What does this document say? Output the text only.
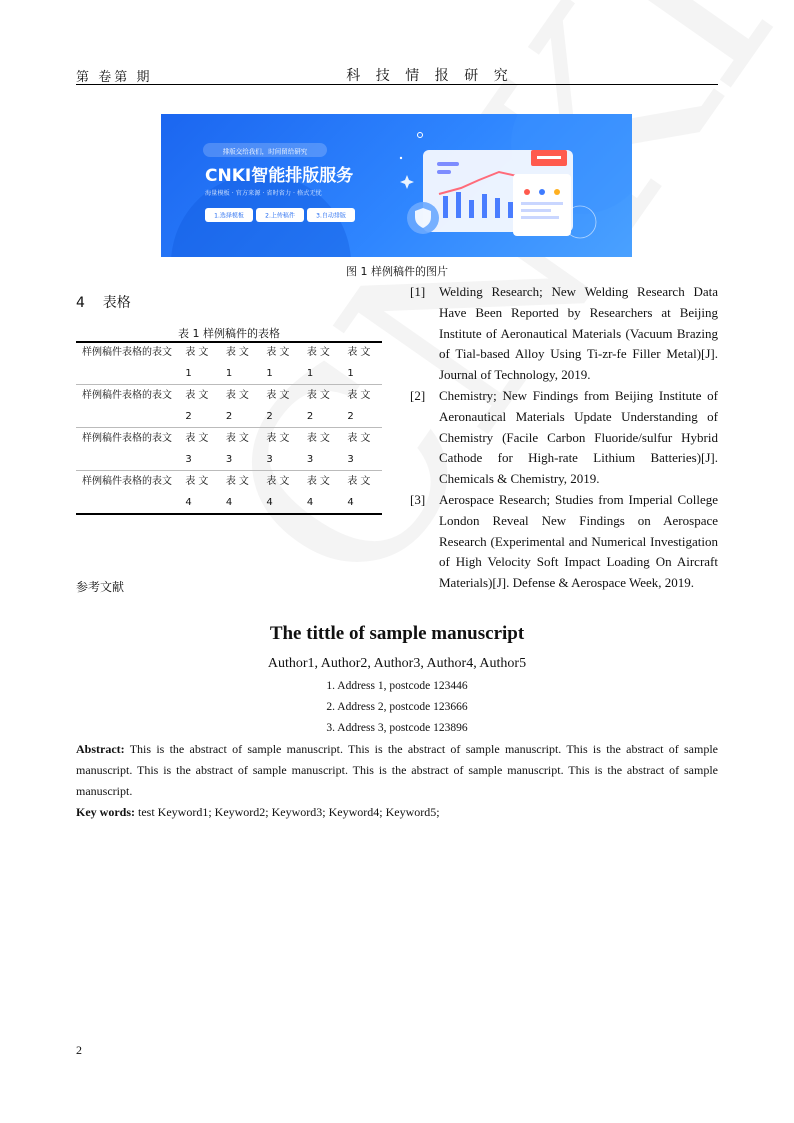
第 卷第 期	科 技 情 报 研 究
排版交给我们，时间留给研究
CNKI智能排版服务
海量模板 · 官方来源 · 省时省力 · 格式无忧
1.选择模板	2.上传稿件	3.自动排版
图 1 样例稿件的图片
4 表格
表 1 样例稿件的表格
样例稿件表格的表文	表文1	表文1	表文1	表文1	表文1
样例稿件表格的表文	表文2	表文2	表文2	表文2	表文2
样例稿件表格的表文	表文3	表文3	表文3	表文3	表文3
样例稿件表格的表文	表文4	表文4	表文4	表文4	表文4
参考文献
[1]	Welding Research; New Welding Research Data Have Been Reported by Researchers at Beijing Institute of Aeronautical Materials (Vacuum Brazing of Tial-based Alloy Using Ti-zr-fe Filler Metal)[J]. Journal of Technology, 2019.
[2]	Chemistry; New Findings from Beijing Institute of Aeronautical Materials Update Understanding of Chemistry (Facile Carbon Fluoride/sulfur Hybrid Cathode for High-rate Lithium Batteries)[J]. Chemicals & Chemistry, 2019.
[3]	Aerospace Research; Studies from Imperial College London Reveal New Findings on Aerospace Research (Experimental and Numerical Investigation of High Velocity Soft Impact Loading On Aircraft Materials)[J]. Defense & Aerospace Week, 2019.
The tittle of sample manuscript
Author1, Author2, Author3, Author4, Author5
1. Address 1, postcode 123446
2. Address 2, postcode 123666
3. Address 3, postcode 123896
Abstract: This is the abstract of sample manuscript. This is the abstract of sample manuscript. This is the abstract of sample manuscript. This is the abstract of sample manuscript. This is the abstract of sample manuscript. This is the abstract of sample manuscript.
Key words: test Keyword1; Keyword2; Keyword3; Keyword4; Keyword5;
2
